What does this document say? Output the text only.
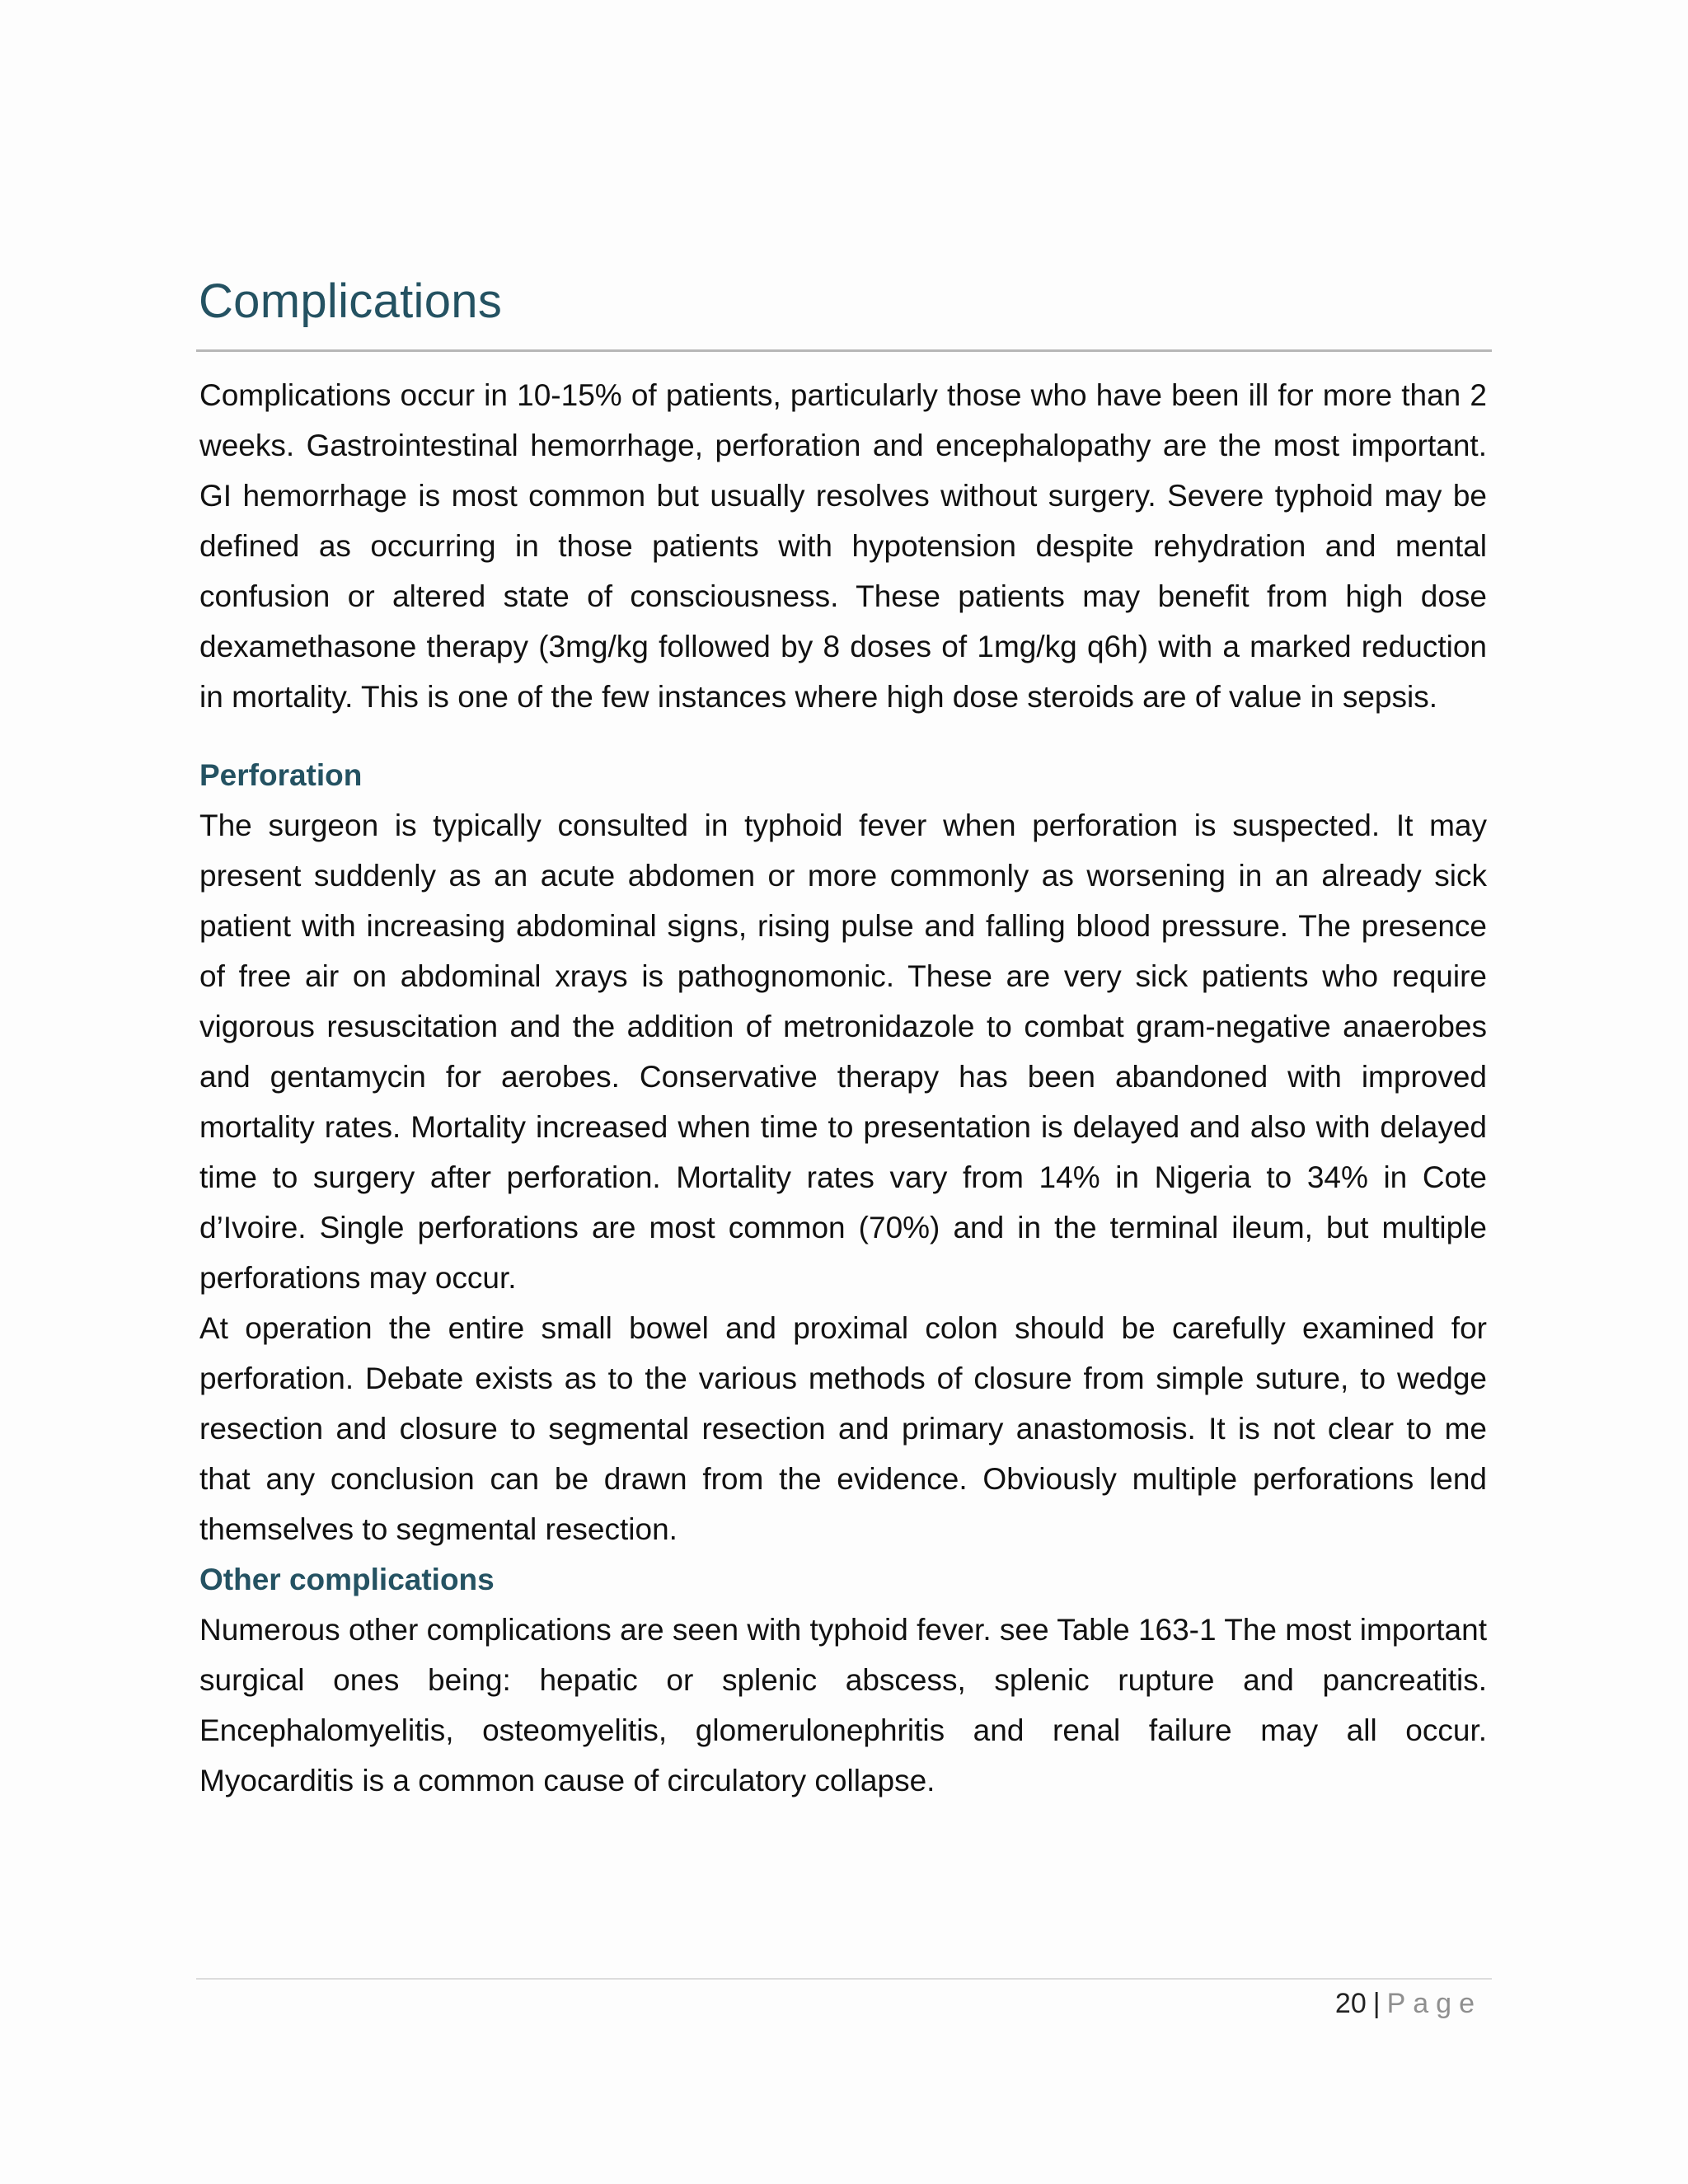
Complications

Complications occur in 10-15% of patients, particularly those who have been ill for more than 2 weeks. Gastrointestinal hemorrhage, perforation and encephalopathy are the most important. GI hemorrhage is most common but usually resolves without surgery. Severe typhoid may be defined as occurring in those patients with hypotension despite rehydration and mental confusion or altered state of consciousness. These patients may benefit from high dose dexamethasone therapy (3mg/kg followed by 8 doses of 1mg/kg q6h) with a marked reduction in mortality. This is one of the few instances where high dose steroids are of value in sepsis.

Perforation

The surgeon is typically consulted in typhoid fever when perforation is suspected. It may present suddenly as an acute abdomen or more commonly as worsening in an already sick patient with increasing abdominal signs, rising pulse and falling blood pressure. The presence of free air on abdominal xrays is pathognomonic. These are very sick patients who require vigorous resuscitation and the addition of metronidazole to combat gram-negative anaerobes and gentamycin for aerobes. Conservative therapy has been abandoned with improved mortality rates. Mortality increased when time to presentation is delayed and also with delayed time to surgery after perforation. Mortality rates vary from 14% in Nigeria to 34% in Cote d’Ivoire. Single perforations are most common (70%) and in the terminal ileum, but multiple perforations may occur.

At operation the entire small bowel and proximal colon should be carefully examined for perforation. Debate exists as to the various methods of closure from simple suture, to wedge resection and closure to segmental resection and primary anastomosis. It is not clear to me that any conclusion can be drawn from the evidence. Obviously multiple perforations lend themselves to segmental resection.

Other complications

Numerous other complications are seen with typhoid fever. see Table 163-1 The most important surgical ones being: hepatic or splenic abscess, splenic rupture and pancreatitis. Encephalomyelitis, osteomyelitis, glomerulonephritis and renal failure may all occur. Myocarditis is a common cause of circulatory collapse.

20 | Page
